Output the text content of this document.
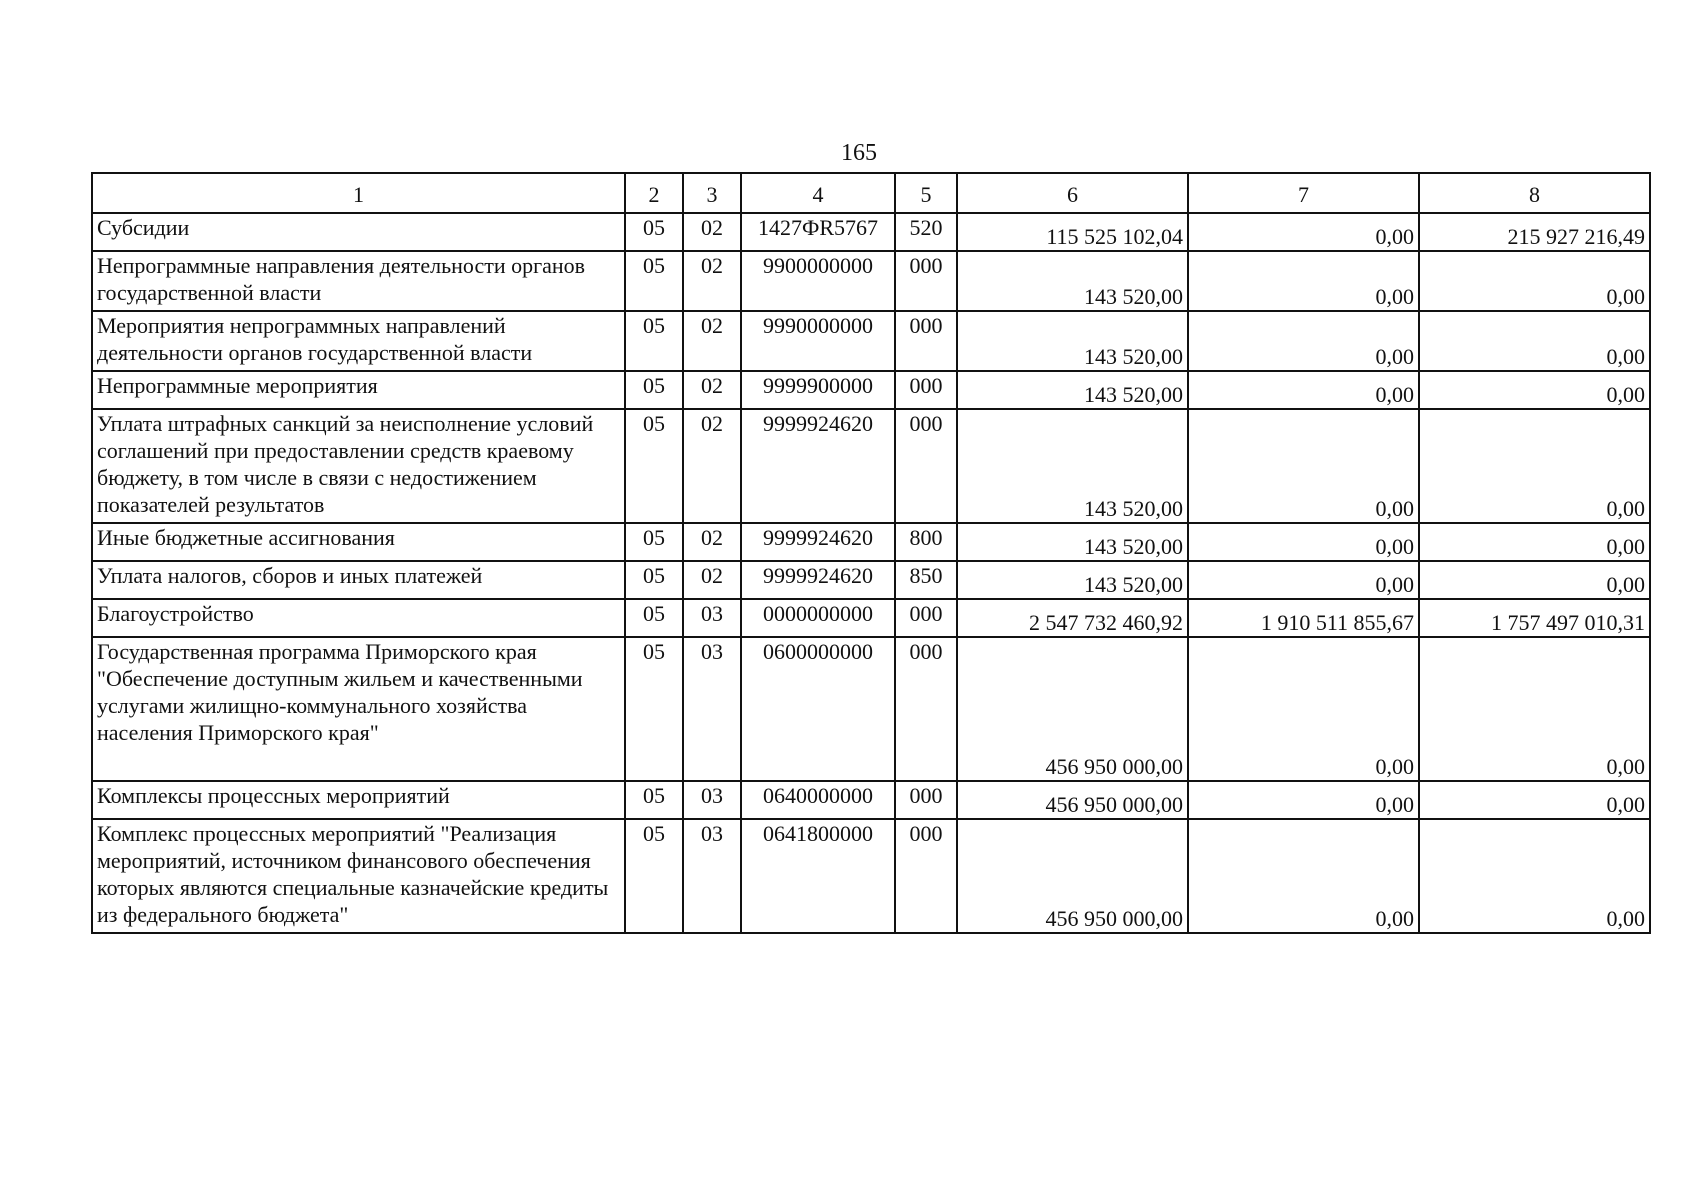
165
1	2	3	4	5	6	7	8
Субсидии	05	02	1427ФR5767	520	115 525 102,04	0,00	215 927 216,49
Непрограммные направления деятельности органов государственной власти	05	02	9900000000	000	143 520,00	0,00	0,00
Мероприятия непрограммных направлений деятельности органов государственной власти	05	02	9990000000	000	143 520,00	0,00	0,00
Непрограммные мероприятия	05	02	9999900000	000	143 520,00	0,00	0,00
Уплата штрафных санкций за неисполнение условий соглашений при предоставлении средств краевому бюджету, в том числе в связи с недостижением показателей результатов	05	02	9999924620	000	143 520,00	0,00	0,00
Иные бюджетные ассигнования	05	02	9999924620	800	143 520,00	0,00	0,00
Уплата налогов, сборов и иных платежей	05	02	9999924620	850	143 520,00	0,00	0,00
Благоустройство	05	03	0000000000	000	2 547 732 460,92	1 910 511 855,67	1 757 497 010,31
Государственная программа Приморского края "Обеспечение доступным жильем и качественными услугами жилищно-коммунального хозяйства населения Приморского края"	05	03	0600000000	000	456 950 000,00	0,00	0,00
Комплексы процессных мероприятий	05	03	0640000000	000	456 950 000,00	0,00	0,00
Комплекс процессных мероприятий "Реализация мероприятий, источником финансового обеспечения которых являются специальные казначейские кредиты из федерального бюджета"	05	03	0641800000	000	456 950 000,00	0,00	0,00
